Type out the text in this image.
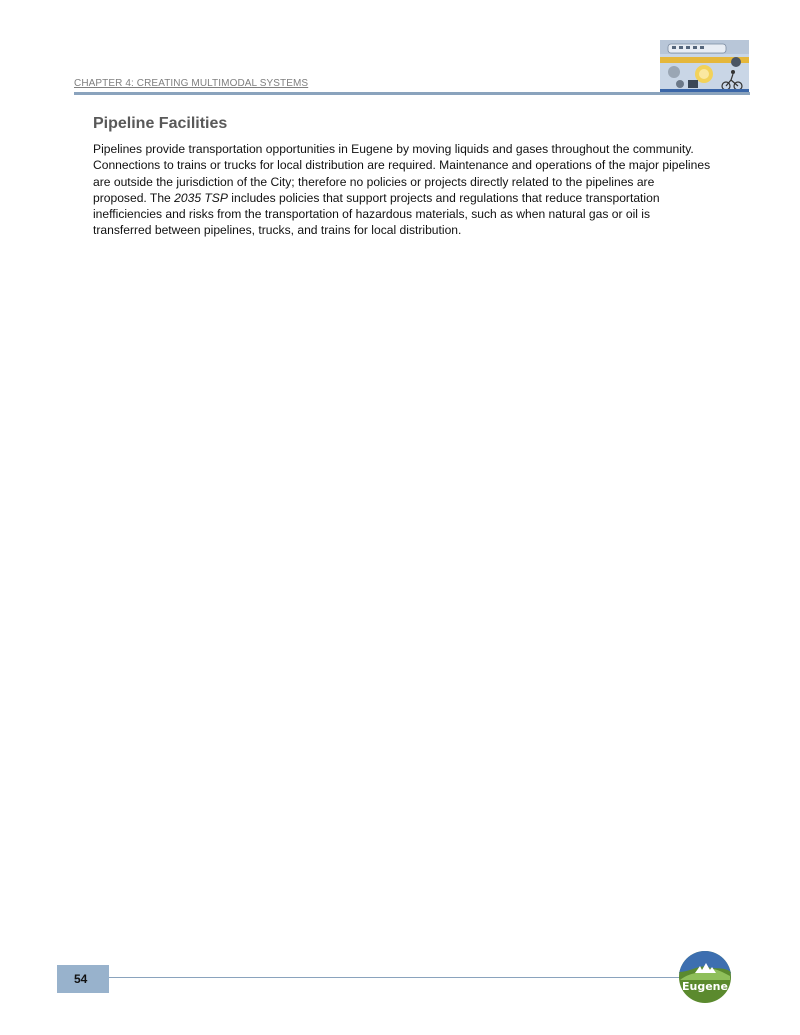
CHAPTER 4: CREATING MULTIMODAL SYSTEMS
Pipeline Facilities

Pipelines provide transportation opportunities in Eugene by moving liquids and gases throughout the community. Connections to trains or trucks for local distribution are required. Maintenance and operations of the major pipelines are outside the jurisdiction of the City; therefore no policies or projects directly related to the pipelines are proposed. The 2035 TSP includes policies that support projects and regulations that reduce transportation inefficiencies and risks from the transportation of hazardous materials, such as when natural gas or oil is transferred between pipelines, trucks, and trains for local distribution.

54
Eugene
